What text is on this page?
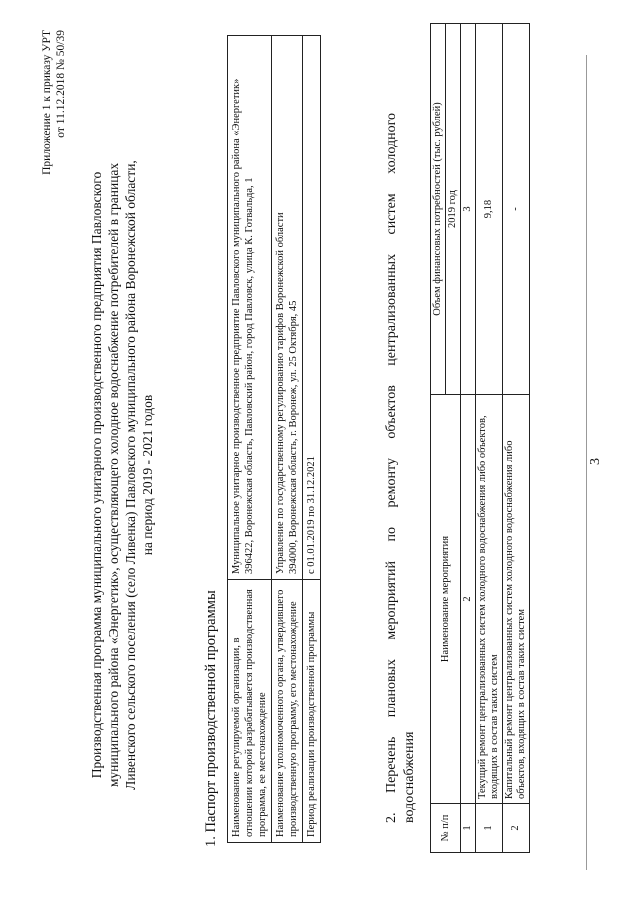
3
Приложение 1 к приказу УРТ от 11.12.2018 № 50/39
Производственная программа муниципального унитарного производственного предприятия Павловского муниципального района «Энергетик», осуществляющего холодное водоснабжение потребителей в границах Ливенского сельского поселения (село Ливенка) Павловского муниципального района Воронежской области, на период 2019 - 2021 годов
1. Паспорт производственной программы Наименование регулируемой организации, в отношении которой разрабатывается производственная программа, ее местонахождение	Муниципальное унитарное производственное предприятие Павловского муниципального района «Энергетик» 396422, Воронежская область, Павловский район, город Павловск, улица К. Готвальда, 1

Наименование уполномоченного органа, утвердившего производственную программу, его местонахождение	Управление по государственному регулированию тарифов Воронежской области 394000, Воронежская область, г. Воронеж, ул. 25 Октября, 45

Период реализации производственной программы	с 01.01.2019 по 31.12.2021	2. Перечень плановых мероприятий по ремонту объектов централизованных систем холодного водоснабжения
№ п/п	Наименование мероприятия	Объем финансовых потребностей (тыс. рублей)
		2019 год
1	2	3
1	Текущий ремонт централизованных систем холодного водоснабжения либо объектов, входящих в состав таких систем	9,18
2	Капитальный ремонт централизованных систем холодного водоснабжения либо объектов, входящих в состав таких систем	-
